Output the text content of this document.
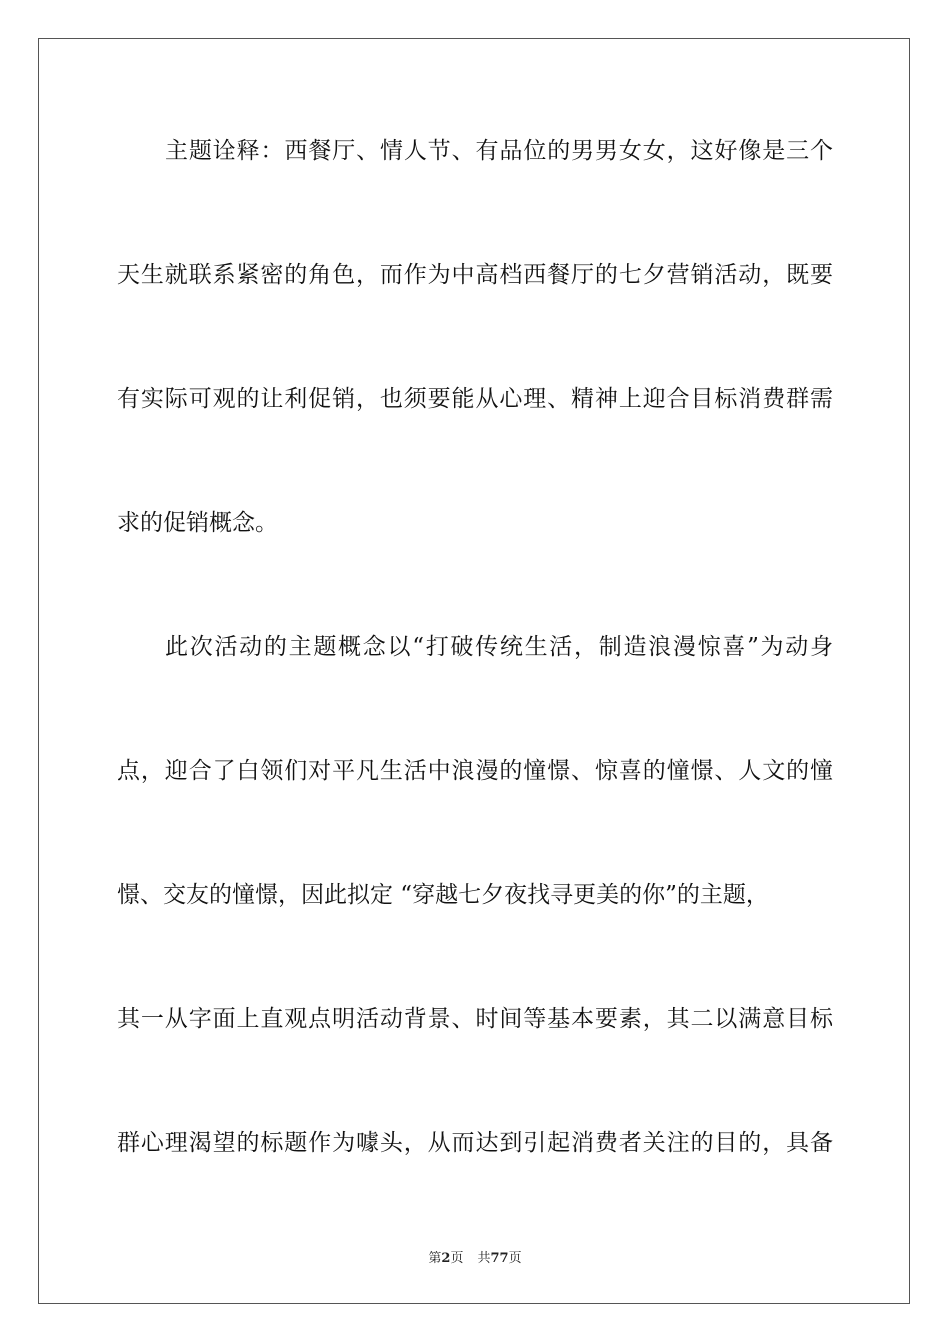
主题诠释：西餐厅、情人节、有品位的男男女女，这好像是三个
天生就联系紧密的角色，而作为中高档西餐厅的七夕营销活动，既要
有实际可观的让利促销，也须要能从心理、精神上迎合目标消费群需
求的促销概念。
此次活动的主题概念以“打破传统生活，制造浪漫惊喜”为动身
点，迎合了白领们对平凡生活中浪漫的憧憬、惊喜的憧憬、人文的憧
憬、交友的憧憬，因此拟定 “穿越七夕夜找寻更美的你”的主题，
其一从字面上直观点明活动背景、时间等基本要素，其二以满意目标
群心理渴望的标题作为噱头，从而达到引起消费者关注的目的，具备
第2页 共77页
